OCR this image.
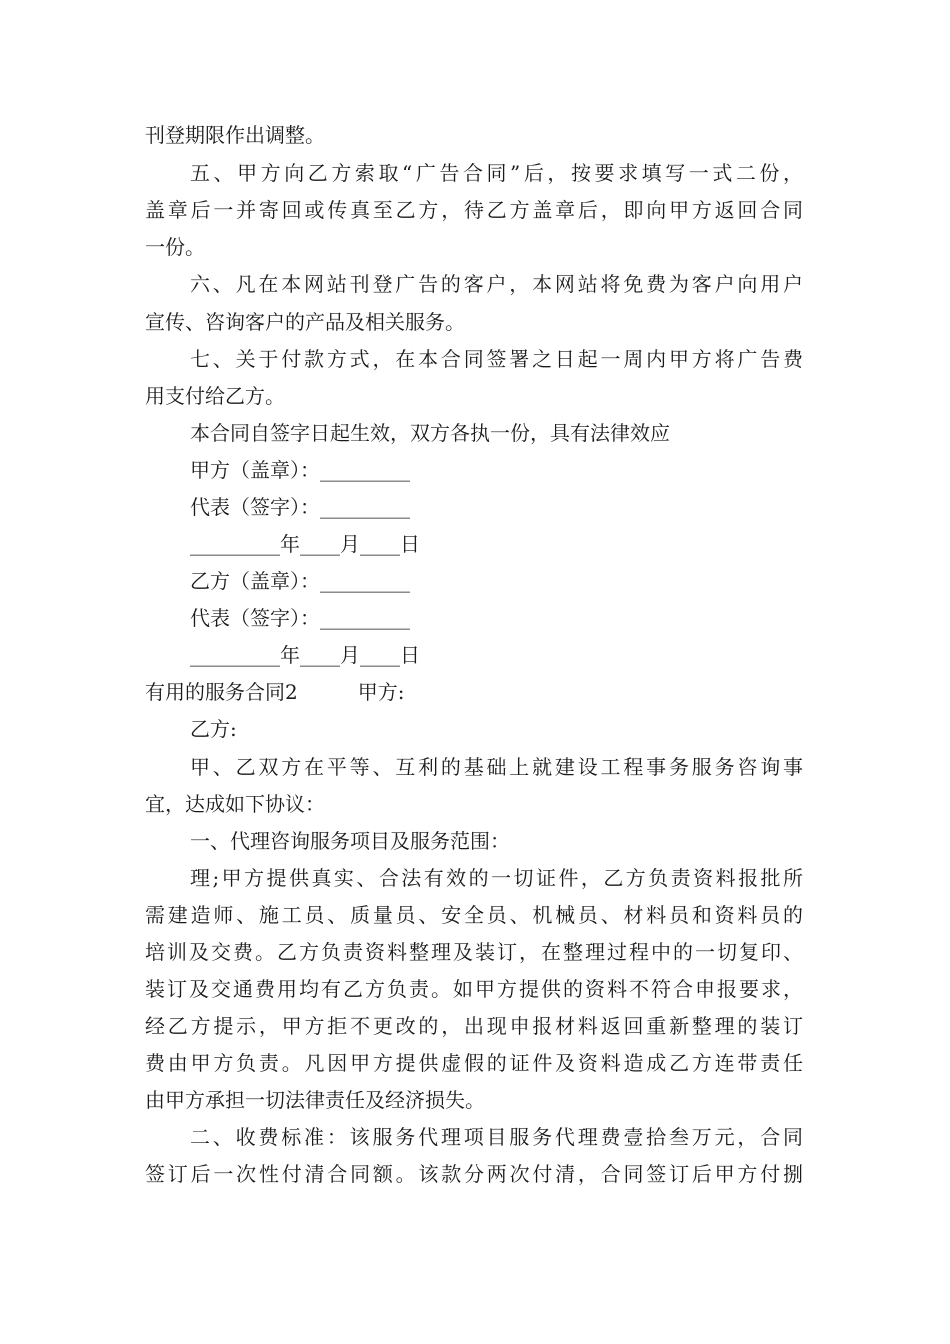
刊登期限作出调整。
五、甲方向乙方索取“广告合同”后，按要求填写一式二份，
盖章后一并寄回或传真至乙方，待乙方盖章后，即向甲方返回合同
一份。
六、凡在本网站刊登广告的客户，本网站将免费为客户向用户
宣传、咨询客户的产品及相关服务。
七、关于付款方式，在本合同签署之日起一周内甲方将广告费
用支付给乙方。
本合同自签字日起生效，双方各执一份，具有法律效应
甲方（盖章）：_________
代表（签字）：_________
_________年____月____日
乙方（盖章）：_________
代表（签字）：_________
_________年____月____日
有用的服务合同2	甲方:
乙方:
甲、乙双方在平等、互利的基础上就建设工程事务服务咨询事
宜，达成如下协议：
一、代理咨询服务项目及服务范围：
理;甲方提供真实、合法有效的一切证件，乙方负责资料报批所
需建造师、施工员、质量员、安全员、机械员、材料员和资料员的
培训及交费。乙方负责资料整理及装订，在整理过程中的一切复印、
装订及交通费用均有乙方负责。如甲方提供的资料不符合申报要求，
经乙方提示，甲方拒不更改的，出现申报材料返回重新整理的装订
费由甲方负责。凡因甲方提供虚假的证件及资料造成乙方连带责任
由甲方承担一切法律责任及经济损失。
二、收费标准：该服务代理项目服务代理费壹拾叁万元，合同
签订后一次性付清合同额。该款分两次付清，合同签订后甲方付捌
